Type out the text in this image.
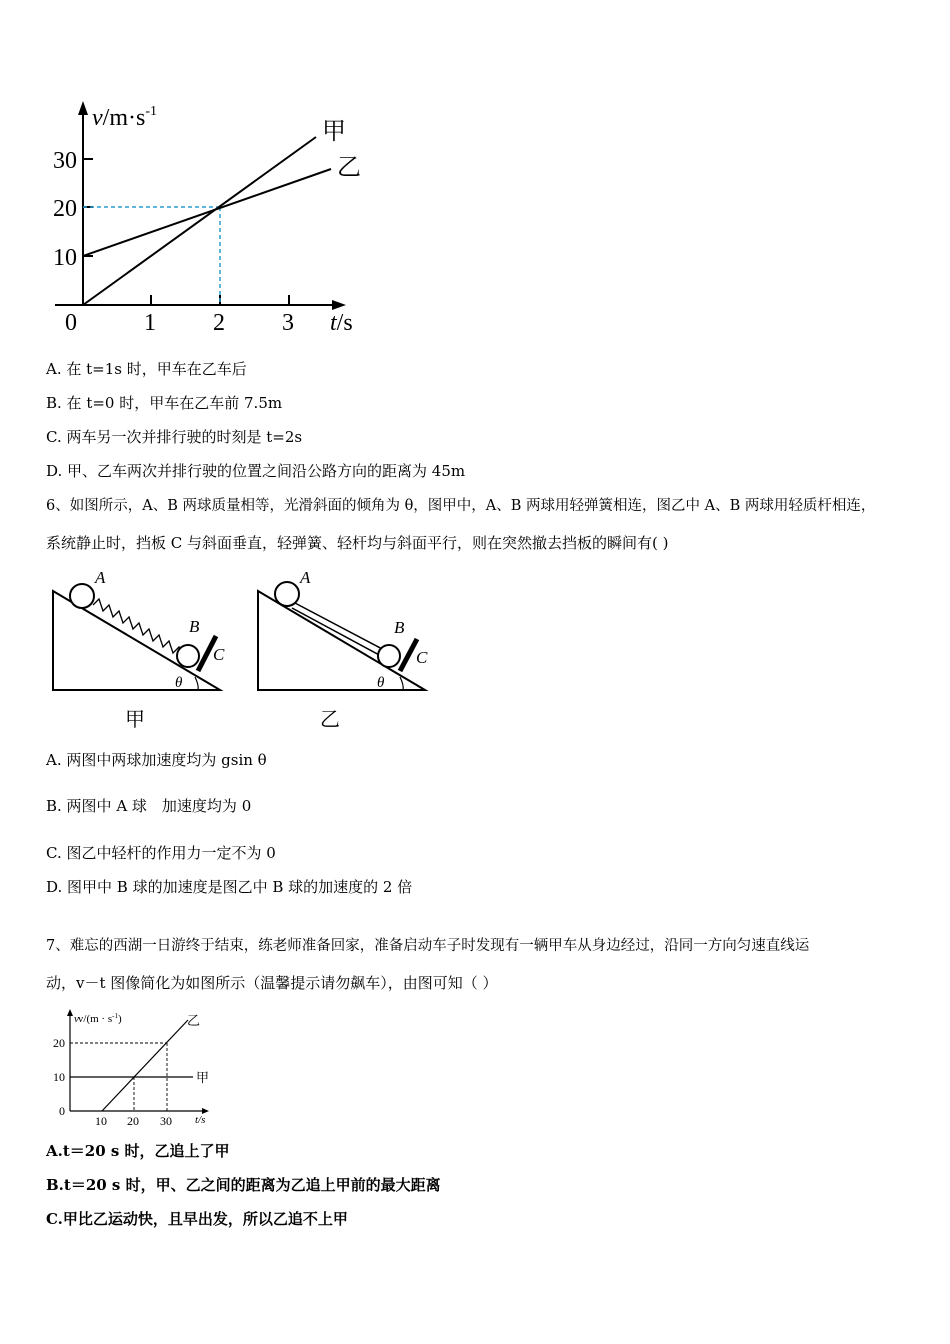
30
20
10
0	1 2 3
$v/m\cdot s^{-1}$
t/s
甲
乙
A. 在 t=1s 时，甲车在乙车后
B. 在 t=0 时，甲车在乙车前 7.5m
C. 两车另一次并排行驶的时刻是 t=2s
D. 甲、乙车两次并排行驶的位置之间沿公路方向的距离为 45m
6、如图所示，A、B 两球质量相等，光滑斜面的倾角为 θ，图甲中，A、B 两球用轻弹簧相连，图乙中 A、B 两球用轻质杆相连，
系统静止时，挡板 C 与斜面垂直，轻弹簧、轻杆均与斜面平行，则在突然撤去挡板的瞬间有( )
A
B
C
θ
甲
A
B
C
θ
乙
A. 两图中两球加速度均为 gsin θ
B. 两图中 A 球　加速度均为 0
C. 图乙中轻杆的作用力一定不为 0
D. 图甲中 B 球的加速度是图乙中 B 球的加速度的 2 倍
7、难忘的西湖一日游终于结束，练老师准备回家，准备启动车子时发现有一辆甲车从身边经过，沿同一方向匀速直线运
动，v－t 图像简化为如图所示（温馨提示请勿飙车），由图可知（ ）
$vv/(m \cdot s^{-1})$
20
10
0
10 20 30 t/s
甲
乙
A.t＝20 s 时，乙追上了甲
B.t＝20 s 时，甲、乙之间的距离为乙追上甲前的最大距离
C.甲比乙运动快，且早出发，所以乙追不上甲
